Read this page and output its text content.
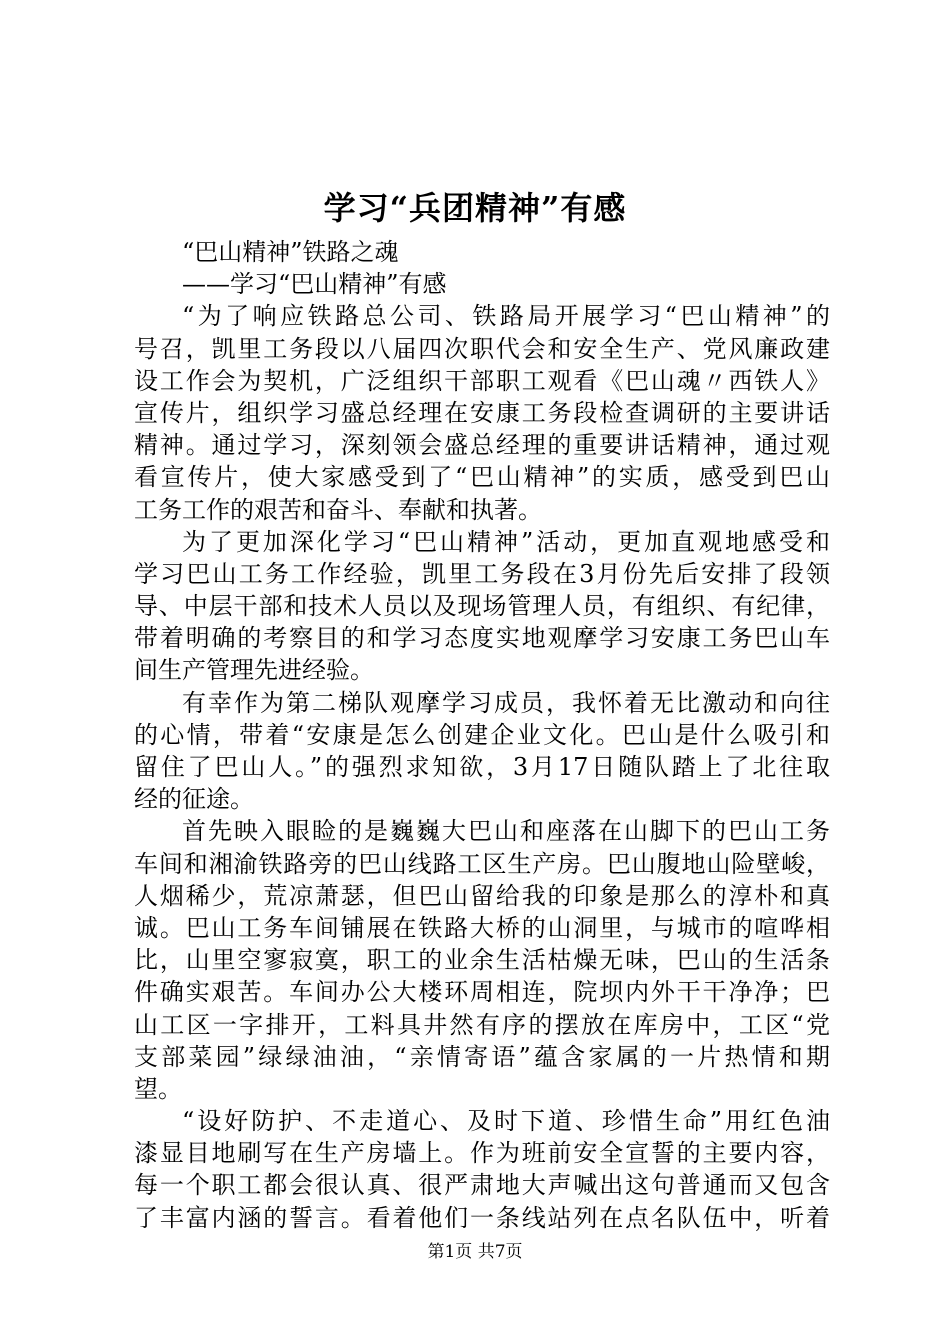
学习“兵团精神”有感
“巴山精神”铁路之魂
——学习“巴山精神”有感
“为了响应铁路总公司、铁路局开展学习“巴山精神”的
号召，凯里工务段以八届四次职代会和安全生产、党风廉政建
设工作会为契机，广泛组织干部职工观看《巴山魂〃西铁人》
宣传片，组织学习盛总经理在安康工务段检查调研的主要讲话
精神。通过学习，深刻领会盛总经理的重要讲话精神，通过观
看宣传片，使大家感受到了“巴山精神”的实质，感受到巴山
工务工作的艰苦和奋斗、奉献和执著。
为了更加深化学习“巴山精神”活动，更加直观地感受和
学习巴山工务工作经验，凯里工务段在3月份先后安排了段领
导、中层干部和技术人员以及现场管理人员，有组织、有纪律，
带着明确的考察目的和学习态度实地观摩学习安康工务巴山车
间生产管理先进经验。
有幸作为第二梯队观摩学习成员，我怀着无比激动和向往
的心情，带着“安康是怎么创建企业文化。巴山是什么吸引和
留住了巴山人。”的强烈求知欲，3月17日随队踏上了北往取
经的征途。
首先映入眼睑的是巍巍大巴山和座落在山脚下的巴山工务
车间和湘渝铁路旁的巴山线路工区生产房。巴山腹地山险壁峻，
人烟稀少，荒凉萧瑟，但巴山留给我的印象是那么的淳朴和真
诚。巴山工务车间铺展在铁路大桥的山洞里，与城市的喧哗相
比，山里空寥寂寞，职工的业余生活枯燥无味，巴山的生活条
件确实艰苦。车间办公大楼环周相连，院坝内外干干净净；巴
山工区一字排开，工料具井然有序的摆放在库房中，工区“党
支部菜园”绿绿油油，“亲情寄语”蕴含家属的一片热情和期
望。
“设好防护、不走道心、及时下道、珍惜生命”用红色油
漆显目地刷写在生产房墙上。作为班前安全宣誓的主要内容，
每一个职工都会很认真、很严肃地大声喊出这句普通而又包含
了丰富内涵的誓言。看着他们一条线站列在点名队伍中，听着
第1页 共7页
